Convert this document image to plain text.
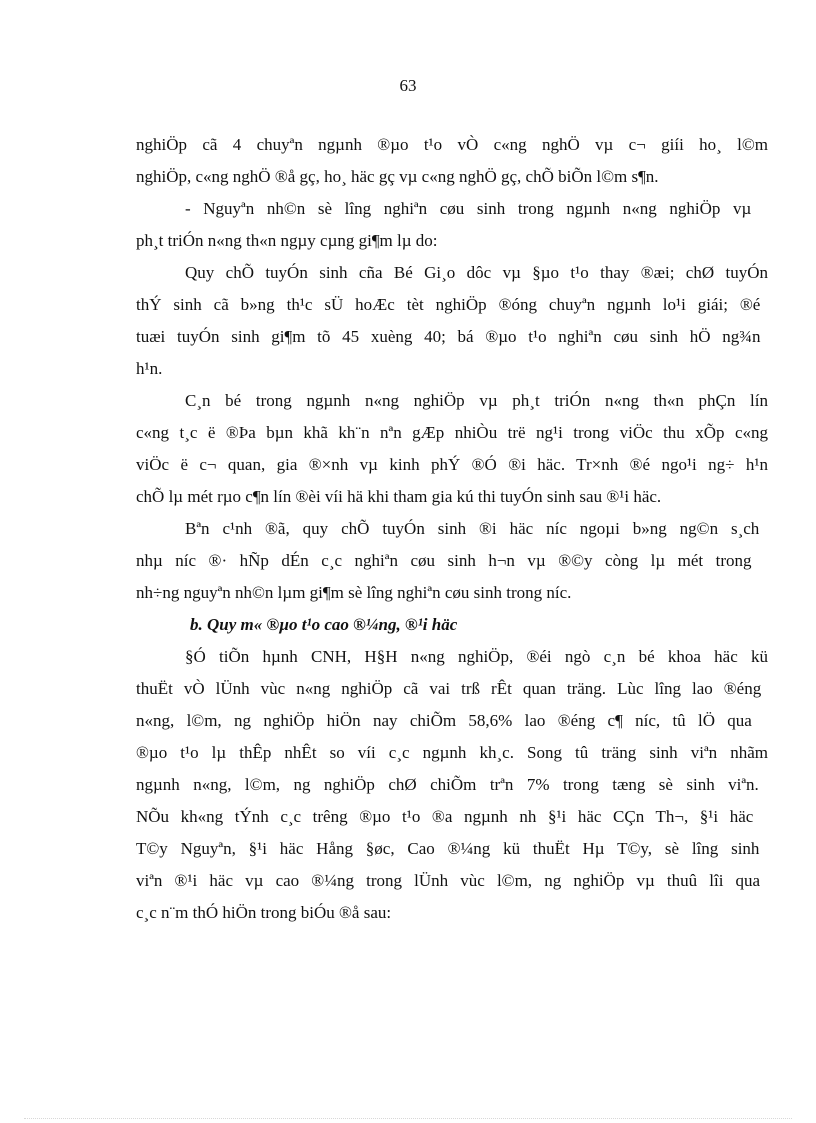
63
nghiÖp cã 4 chuyªn ngµnh ®µo t¹o vÒ c«ng nghÖ vµ c¬ giíi ho¸ l©m
nghiÖp, c«ng nghÖ ®å gç, ho¸ häc gç vµ c«ng nghÖ gç, chÕ biÕn l©m s¶n.
- Nguyªn nh©n sè lîng nghiªn cøu sinh trong ngµnh n«ng nghiÖp vµ
ph¸t triÓn n«ng th«n ngµy cµng gi¶m lµ do:
Quy chÕ tuyÓn sinh cña Bé Gi¸o dôc vµ §µo t¹o thay ®æi; chØ tuyÓn
thÝ sinh cã b»ng th¹c sÜ hoÆc tèt nghiÖp ®óng chuyªn ngµnh lo¹i giái; ®é
tuæi tuyÓn sinh gi¶m tõ 45 xuèng 40; bá ®µo t¹o nghiªn cøu sinh hÖ ng¾n
h¹n.
C¸n bé trong ngµnh n«ng nghiÖp vµ ph¸t triÓn n«ng th«n phÇn lín
c«ng t¸c ë ®Þa bµn khã kh¨n nªn gÆp nhiÒu trë ng¹i trong viÖc thu xÕp c«ng
viÖc ë c¬ quan, gia ®×nh vµ kinh phÝ ®Ó ®i häc. Tr×nh ®é ngo¹i ng÷ h¹n
chÕ lµ mét rµo c¶n lín ®èi víi hä khi tham gia kú thi tuyÓn sinh sau ®¹i häc.
Bªn c¹nh ®ã, quy chÕ tuyÓn sinh ®i häc níc ngoµi b»ng ng©n s¸ch
nhµ níc ®· hÑp dÉn c¸c nghiªn cøu sinh h¬n vµ ®©y còng lµ mét trong
nh÷ng nguyªn nh©n lµm gi¶m sè lîng nghiªn cøu sinh trong níc.
b. Quy m« ®µo t¹o cao ®¼ng, ®¹i häc
§Ó tiÕn hµnh CNH, H§H n«ng nghiÖp, ®éi ngò c¸n bé khoa häc kü
thuËt vÒ lÜnh vùc n«ng nghiÖp cã vai trß rÊt quan träng. Lùc lîng lao ®éng
n«ng, l©m, ng nghiÖp hiÖn nay chiÕm 58,6% lao ®éng c¶ níc, tû lÖ qua
®µo t¹o lµ thÊp nhÊt so víi c¸c ngµnh kh¸c. Song tû träng sinh viªn nhãm
ngµnh n«ng, l©m, ng nghiÖp chØ chiÕm trªn 7% trong tæng sè sinh viªn.
NÕu kh«ng tÝnh c¸c trêng ®µo t¹o ®a ngµnh nh §¹i häc CÇn Th¬, §¹i häc
T©y Nguyªn, §¹i häc Hång §øc, Cao ®¼ng kü thuËt Hµ T©y, sè lîng sinh
viªn ®¹i häc vµ cao ®¼ng trong lÜnh vùc l©m, ng nghiÖp vµ thuû lîi qua
c¸c n¨m thÓ hiÖn trong biÓu ®å sau:
